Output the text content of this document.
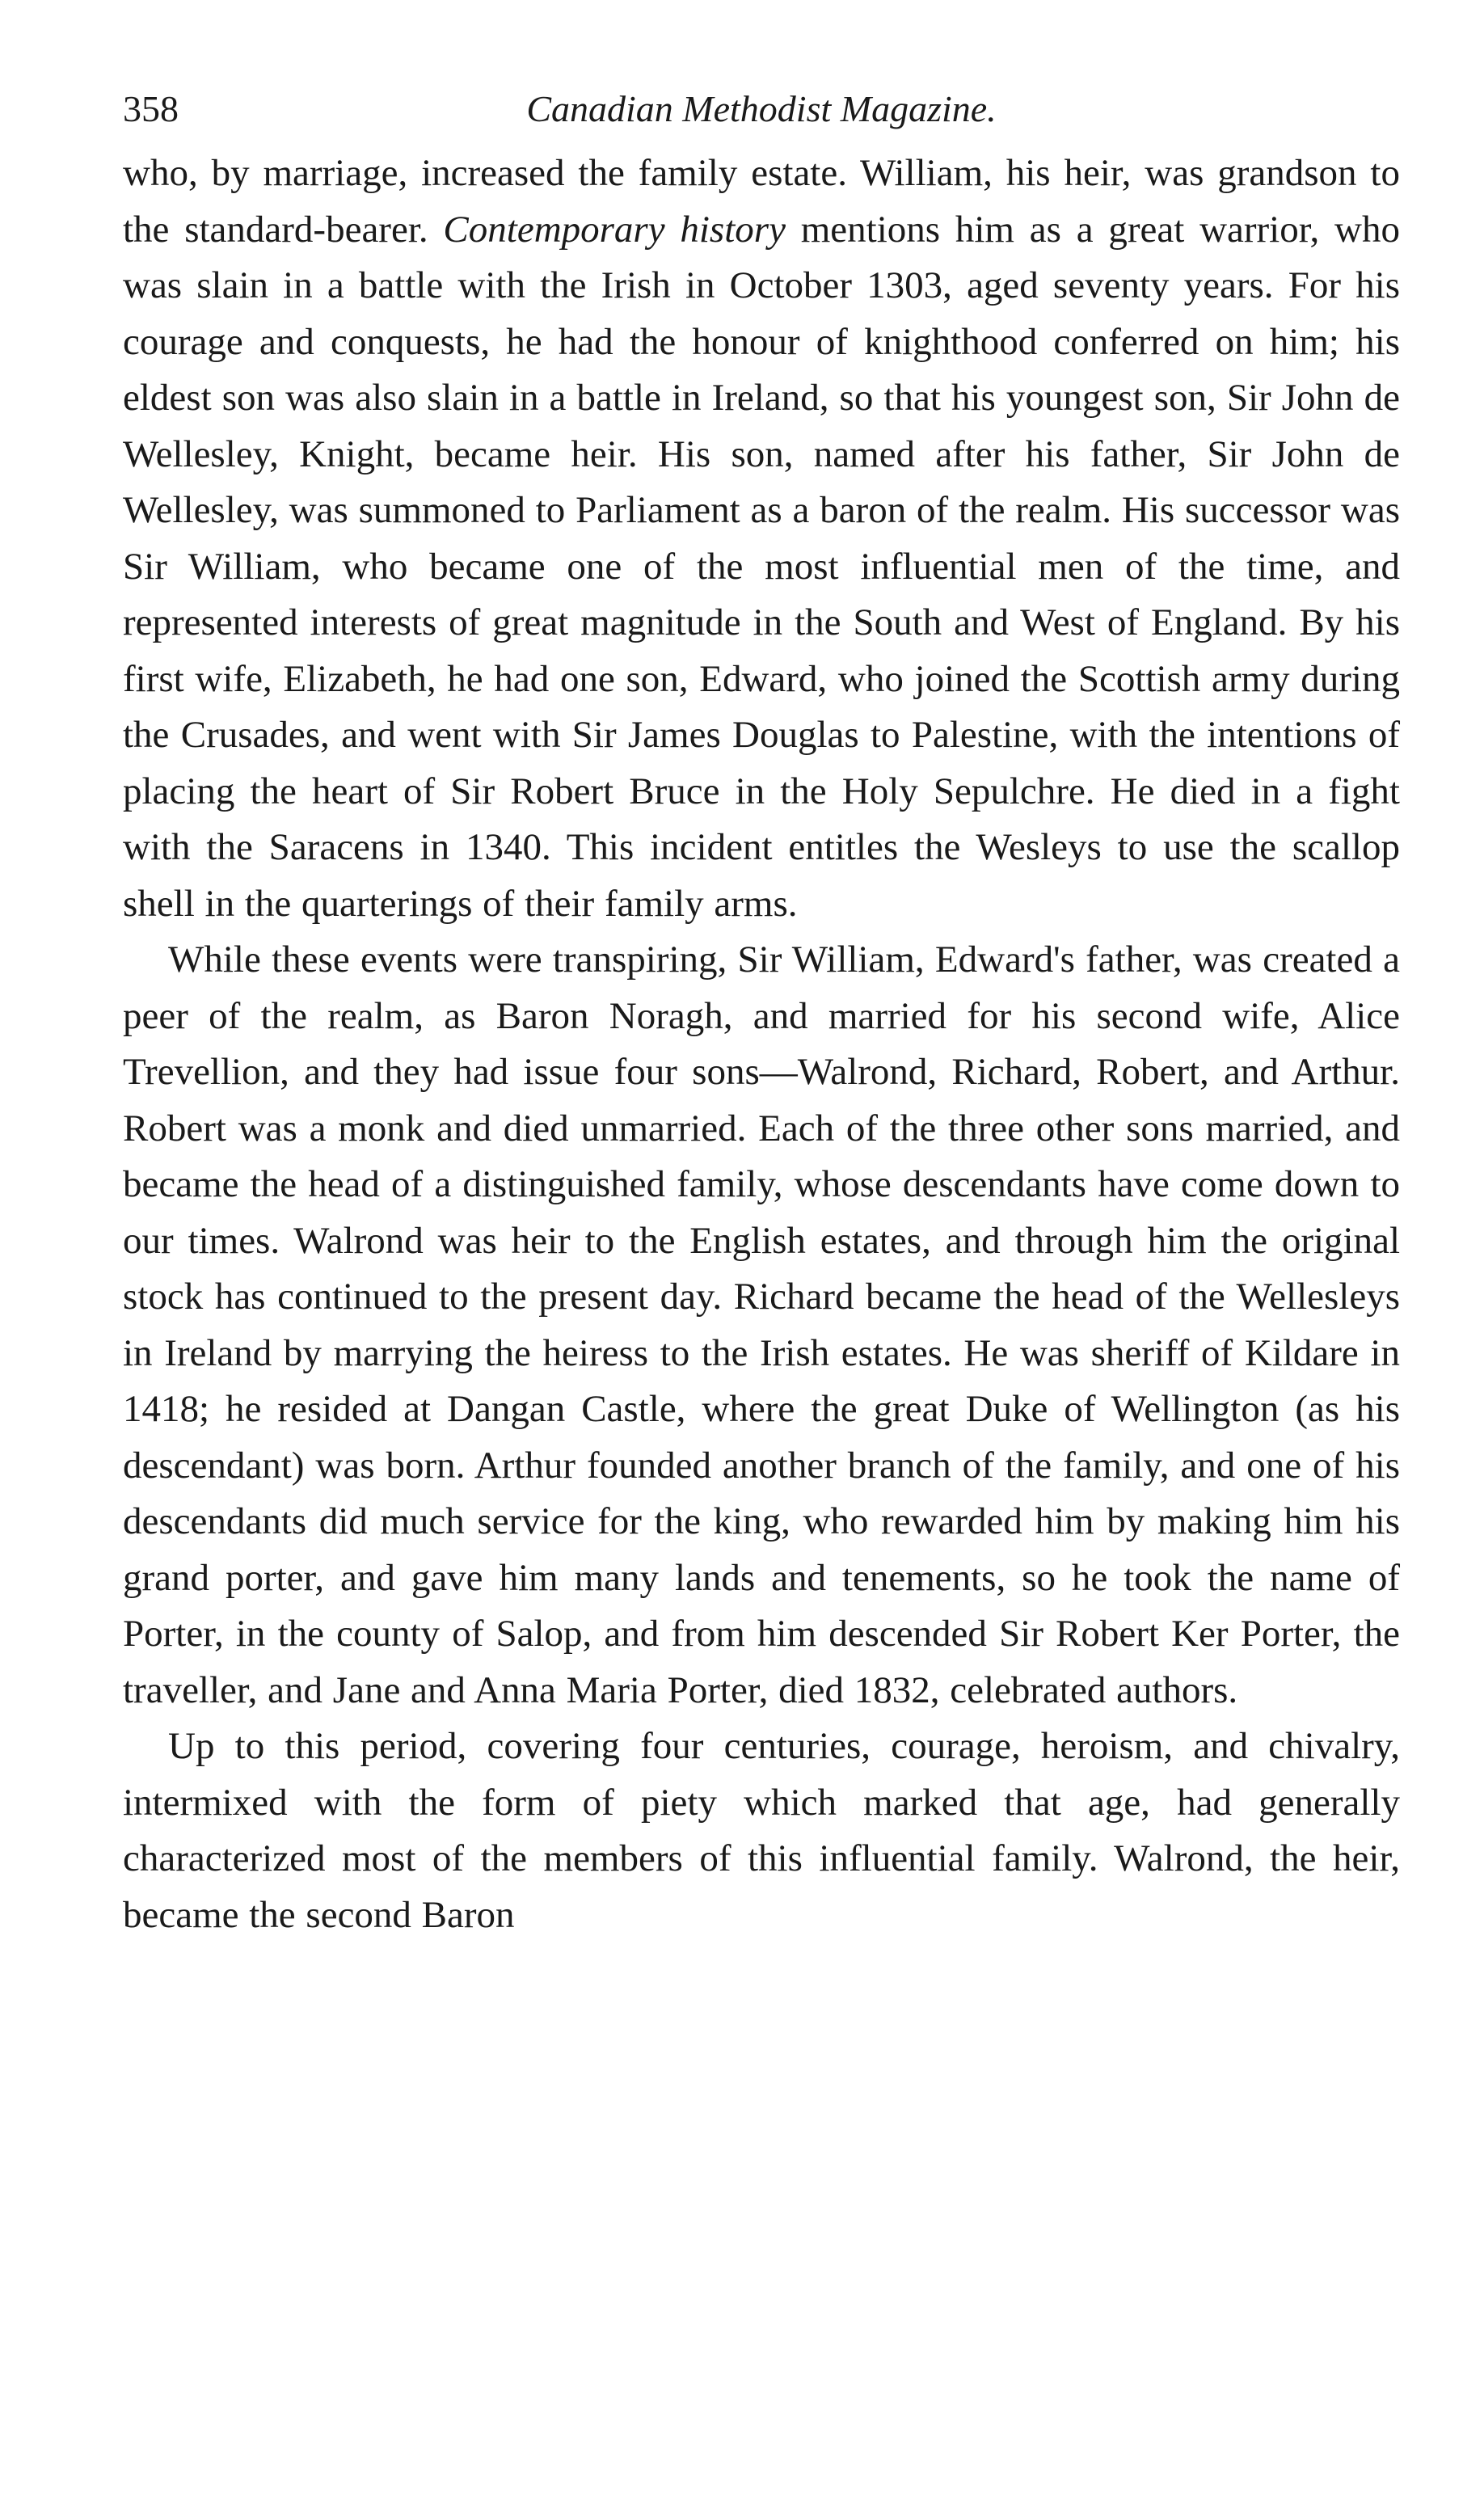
358	Canadian Methodist Magazine.

who, by marriage, increased the family estate. William, his heir, was grandson to the standard-bearer. Contemporary history mentions him as a great warrior, who was slain in a battle with the Irish in October 1303, aged seventy years. For his courage and conquests, he had the honour of knighthood conferred on him; his eldest son was also slain in a battle in Ireland, so that his youngest son, Sir John de Wellesley, Knight, became heir. His son, named after his father, Sir John de Wellesley, was summoned to Parliament as a baron of the realm. His successor was Sir William, who became one of the most influential men of the time, and represented interests of great magnitude in the South and West of England. By his first wife, Elizabeth, he had one son, Edward, who joined the Scottish army during the Crusades, and went with Sir James Douglas to Palestine, with the intentions of placing the heart of Sir Robert Bruce in the Holy Sepulchre. He died in a fight with the Saracens in 1340. This incident entitles the Wesleys to use the scallop shell in the quarterings of their family arms.

While these events were transpiring, Sir William, Edward's father, was created a peer of the realm, as Baron Noragh, and married for his second wife, Alice Trevellion, and they had issue four sons—Walrond, Richard, Robert, and Arthur. Robert was a monk and died unmarried. Each of the three other sons married, and became the head of a distinguished family, whose descendants have come down to our times. Walrond was heir to the English estates, and through him the original stock has continued to the present day. Richard became the head of the Wellesleys in Ireland by marrying the heiress to the Irish estates. He was sheriff of Kildare in 1418; he resided at Dangan Castle, where the great Duke of Wellington (as his descendant) was born. Arthur founded another branch of the family, and one of his descendants did much service for the king, who rewarded him by making him his grand porter, and gave him many lands and tenements, so he took the name of Porter, in the county of Salop, and from him descended Sir Robert Ker Porter, the traveller, and Jane and Anna Maria Porter, died 1832, celebrated authors.

Up to this period, covering four centuries, courage, heroism, and chivalry, intermixed with the form of piety which marked that age, had generally characterized most of the members of this influential family. Walrond, the heir, became the second Baron
